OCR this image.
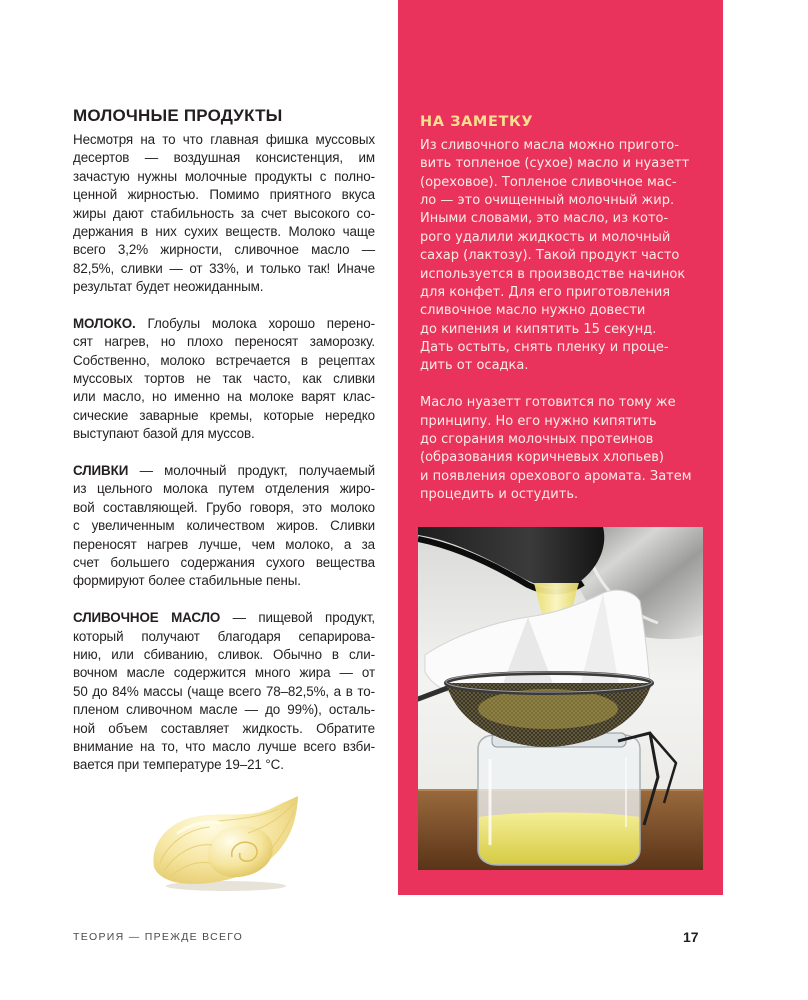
МОЛОЧНЫЕ ПРОДУКТЫ
Несмотря на то что главная фишка муссовых
десертов — воздушная консистенция, им
зачастую нужны молочные продукты с полно-
ценной жирностью. Помимо приятного вкуса
жиры дают стабильность за счет высокого со-
держания в них сухих веществ. Молоко чаще
всего 3,2% жирности, сливочное масло —
82,5%, сливки — от 33%, и только так! Иначе
результат будет неожиданным.
МОЛОКО. Глобулы молока хорошо перено-
сят нагрев, но плохо переносят заморозку.
Собственно, молоко встречается в рецептах
муссовых тортов не так часто, как сливки
или масло, но именно на молоке варят клас-
сические заварные кремы, которые нередко
выступают базой для муссов.
СЛИВКИ — молочный продукт, получаемый
из цельного молока путем отделения жиро-
вой составляющей. Грубо говоря, это молоко
с увеличенным количеством жиров. Сливки
переносят нагрев лучше, чем молоко, а за
счет большего содержания сухого вещества
формируют более стабильные пены.
СЛИВОЧНОЕ МАСЛО — пищевой продукт,
который получают благодаря сепарирова-
нию, или сбиванию, сливок. Обычно в сли-
вочном масле содержится много жира — от
50 до 84% массы (чаще всего 78–82,5%, а в то-
пленом сливочном масле — до 99%), осталь-
ной объем составляет жидкость. Обратите
внимание на то, что масло лучше всего взби-
вается при температуре 19–21 °С.
НА ЗАМЕТКУ
Из сливочного масла можно пригото-
вить топленое (сухое) масло и нуазетт
(ореховое). Топленое сливочное мас-
ло — это очищенный молочный жир.
Иными словами, это масло, из кото-
рого удалили жидкость и молочный
сахар (лактозу). Такой продукт часто
используется в производстве начинок
для конфет. Для его приготовления
сливочное масло нужно довести
до кипения и кипятить 15 секунд.
Дать остыть, снять пленку и проце-
дить от осадка.
Масло нуазетт готовится по тому же
принципу. Но его нужно кипятить
до сгорания молочных протеинов
(образования коричневых хлопьев)
и появления орехового аромата. Затем
процедить и остудить.
ТЕОРИЯ — ПРЕЖДЕ ВСЕГО	17
